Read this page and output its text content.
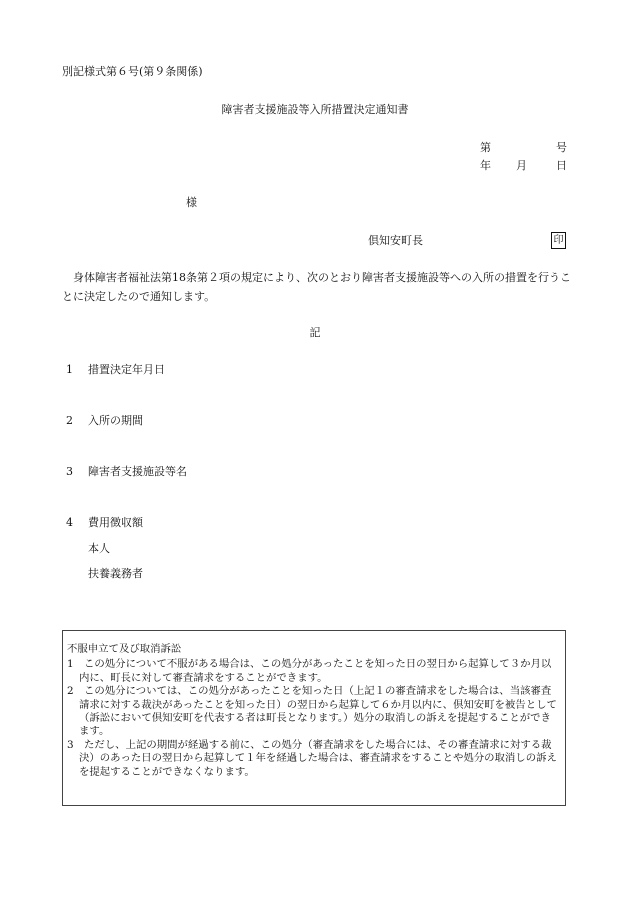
別記様式第６号(第９条関係)
障害者支援施設等入所措置決定通知書
第	号
年 月	日
様
倶知安町長	印
身体障害者福祉法第18条第２項の規定により、次のとおり障害者支援施設等への入所の措置を行うことに決定したので通知します。
記
1 措置決定年月日
2 入所の期間
3 障害者支援施設等名
4 費用徴収額
本人
扶養義務者
不服申立て及び取消訴訟
1　この処分について不服がある場合は、この処分があったことを知った日の翌日から起算して３か月以内に、町長に対して審査請求をすることができます。
2　この処分については、この処分があったことを知った日（上記１の審査請求をした場合は、当該審査請求に対する裁決があったことを知った日）の翌日から起算して６か月以内に、倶知安町を被告として（訴訟において倶知安町を代表する者は町長となります。）処分の取消しの訴えを提起することができます。
3　ただし、上記の期間が経過する前に、この処分（審査請求をした場合には、その審査請求に対する裁決）のあった日の翌日から起算して１年を経過した場合は、審査請求をすることや処分の取消しの訴えを提起することができなくなります。
